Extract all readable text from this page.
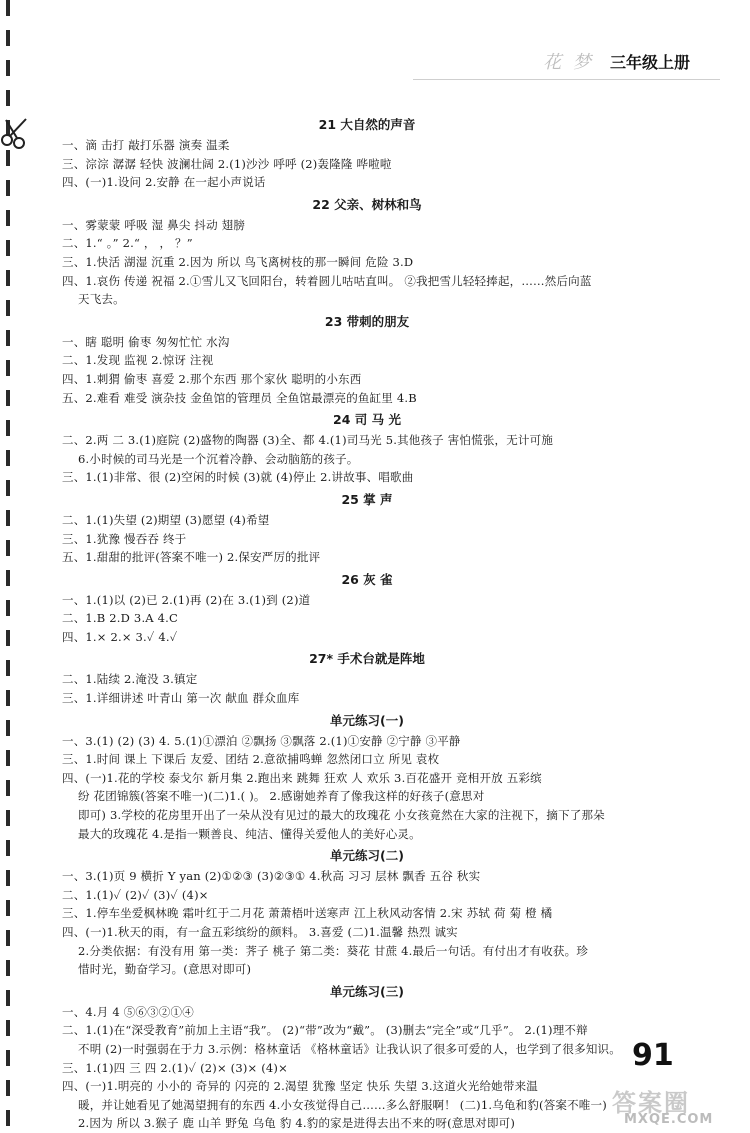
花 梦 三年级上册
21 大自然的声音
一、滴 击打 敲打乐器 演奏 温柔
三、淙淙 潺潺 轻快 波澜壮阔 2.(1)沙沙 呼呼 (2)轰隆隆 哗啦啦
四、(一)1.设问 2.安静 在一起小声说话
22 父亲、树林和鸟
一、雾蒙蒙 呼吸 湿 鼻尖 抖动 翅膀
二、1.“ 。” 2.“ ， ， ？”
三、1.快活 湖湿 沉重 2.因为 所以 鸟飞离树枝的那一瞬间 危险 3.D
四、1.哀伤 传递 祝福 2.①雪儿又飞回阳台，转着圆儿咕咕直叫。 ②我把雪儿轻轻捧起，……然后向蓝
天飞去。
23 带刺的朋友
一、瞎 聪明 偷枣 匆匆忙忙 水沟
二、1.发现 监视 2.惊讶 注视
四、1.刺猬 偷枣 喜爱 2.那个东西 那个家伙 聪明的小东西
五、2.难看 难受 演杂技 金鱼馆的管理员 全鱼馆最漂亮的鱼缸里 4.B
24 司 马 光
二、2.两 二 3.(1)庭院 (2)盛物的陶器 (3)全、都 4.(1)司马光 5.其他孩子 害怕慌张，无计可施
6.小时候的司马光是一个沉着冷静、会动脑筋的孩子。
三、1.(1)非常、很 (2)空闲的时候 (3)就 (4)停止 2.讲故事、唱歌曲
25 掌 声
二、1.(1)失望 (2)期望 (3)愿望 (4)希望
三、1.犹豫 慢吞吞 终于
五、1.甜甜的批评(答案不唯一) 2.保安严厉的批评
26 灰 雀
一、1.(1)以 (2)已 2.(1)再 (2)在 3.(1)到 (2)道
二、1.B 2.D 3.A 4.C
四、1.× 2.× 3.✓ 4.✓
27* 手术台就是阵地
二、1.陆续 2.淹没 3.镇定
三、1.详细讲述 叶青山 第一次 献血 群众血库
单元练习(一)
一、3.(1) (2) (3) 4. 5.(1)①漂泊 ②飘扬 ③飘落 2.(1)①安静 ②宁静 ③平静
三、1.时间 课上 下课后 友爱、团结 2.意欲捕鸣蝉 忽然闭口立 所见 袁枚
四、(一)1.花的学校 泰戈尔 新月集 2.跑出来 跳舞 狂欢 人 欢乐 3.百花盛开 竞相开放 五彩缤
纷 花团锦簇(答案不唯一)(二)1.( )。 2.感谢她养育了像我这样的好孩子(意思对
即可) 3.学校的花房里开出了一朵从没有见过的最大的玫瑰花 小女孩竟然在大家的注视下，摘下了那朵
最大的玫瑰花 4.是指一颗善良、纯洁、懂得关爱他人的美好心灵。
单元练习(二)
一、3.(1)页 9 横折 Y yan (2)①②③ (3)②③① 4.秋高 习习 层林 飘香 五谷 秋实
二、1.(1)✓ (2)✓ (3)✓ (4)×
三、1.停车坐爱枫林晚 霜叶红于二月花 萧萧梧叶送寒声 江上秋风动客情 2.宋 苏轼 荷 菊 橙 橘
四、(一)1.秋天的雨，有一盒五彩缤纷的颜料。 3.喜爱 (二)1.温馨 热烈 诚实
2.分类依据：有没有用 第一类：荠子 桃子 第二类：葵花 甘蔗 4.最后一句话。有付出才有收获。珍
惜时光，勤奋学习。(意思对即可)
单元练习(三)
一、4.月 4 ⑤⑥③②①④
二、1.(1)在“深受教育”前加上主语“我”。 (2)“带”改为“戴”。 (3)删去“完全”或“几乎”。 2.(1)理不辩
不明 (2)一时强弱在于力 3.示例：格林童话 《格林童话》让我认识了很多可爱的人，也学到了很多知识。
三、1.(1)四 三 四 2.(1)✓ (2)× (3)× (4)×
四、(一)1.明亮的 小小的 奇异的 闪亮的 2.渴望 犹豫 坚定 快乐 失望 3.这道火光给她带来温
暖，并让她看见了她渴望拥有的东西 4.小女孩觉得自己……多么舒服啊！ (二)1.乌龟和豹(答案不唯一)
2.因为 所以 3.猴子 鹿 山羊 野兔 乌龟 豹 4.豹的家是进得去出不来的呀(意思对即可)
91
答案圈
MXQE.COM
